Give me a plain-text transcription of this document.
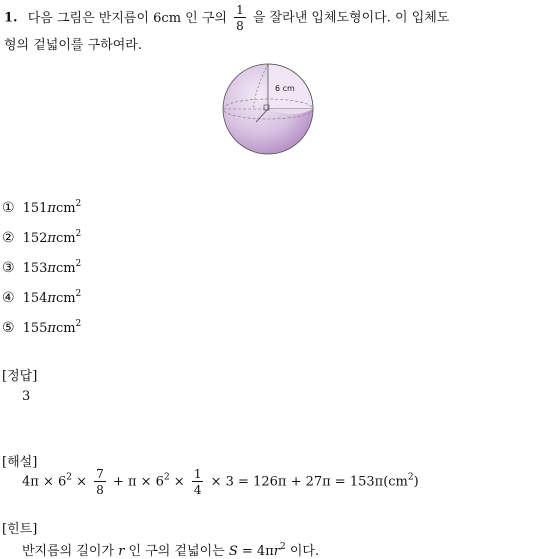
1. 다음 그림은 반지름이 6cm 인 구의 $\frac{1}{8}$ 을 잘라낸 입체도형이다. 이 입체도
형의 겉넓이를 구하여라.
6 cm
① 151πcm$^2$
② 152πcm$^2$
③ 153πcm$^2$
④ 154πcm$^2$
⑤ 155πcm$^2$
[정답]
3
[해설]
$4\pi \times 6^2 \times \frac{7}{8} + \pi \times 6^2 \times \frac{1}{4} \times 3 = 126\pi + 27\pi = 153\pi(cm^2)$
[힌트]
반지름의 길이가 r 인 구의 겉넓이는 $S = 4\pi r^2$ 이다.
